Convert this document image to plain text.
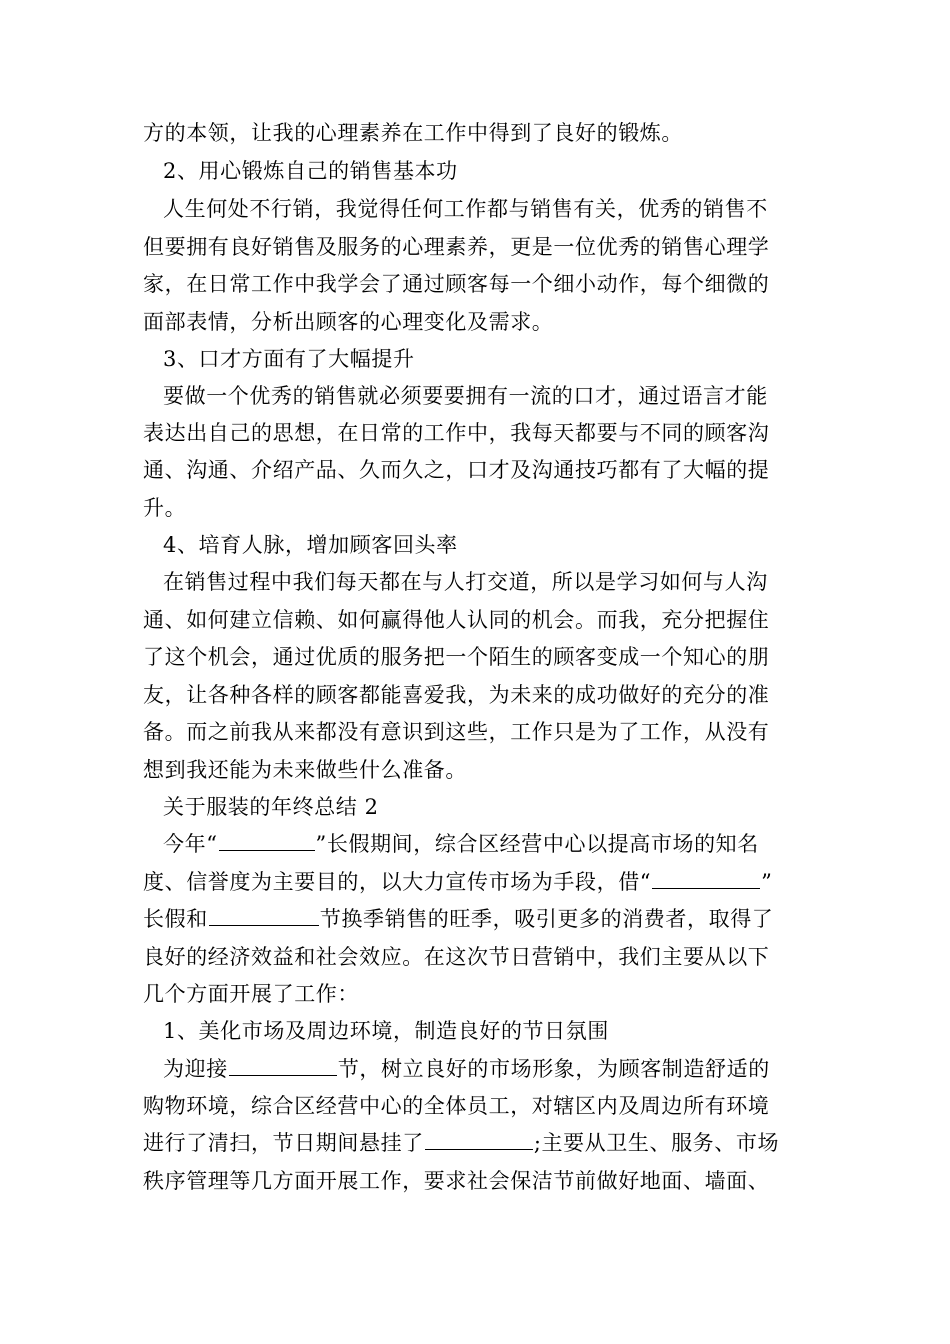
方的本领，让我的心理素养在工作中得到了良好的锻炼。
2、用心锻炼自己的销售基本功
人生何处不行销，我觉得任何工作都与销售有关，优秀的销售不
但要拥有良好销售及服务的心理素养，更是一位优秀的销售心理学
家，在日常工作中我学会了通过顾客每一个细小动作，每个细微的
面部表情，分析出顾客的心理变化及需求。
3、口才方面有了大幅提升
要做一个优秀的销售就必须要要拥有一流的口才，通过语言才能
表达出自己的思想，在日常的工作中，我每天都要与不同的顾客沟
通、沟通、介绍产品、久而久之，口才及沟通技巧都有了大幅的提
升。
4、培育人脉，增加顾客回头率
在销售过程中我们每天都在与人打交道，所以是学习如何与人沟
通、如何建立信赖、如何赢得他人认同的机会。而我，充分把握住
了这个机会，通过优质的服务把一个陌生的顾客变成一个知心的朋
友，让各种各样的顾客都能喜爱我，为未来的成功做好的充分的准
备。而之前我从来都没有意识到这些，工作只是为了工作，从没有
想到我还能为未来做些什么准备。
关于服装的年终总结 2
今年“	”长假期间，综合区经营中心以提高市场的知名
度、信誉度为主要目的，以大力宣传市场为手段，借“	”
长假和	节换季销售的旺季，吸引更多的消费者，取得了
良好的经济效益和社会效应。在这次节日营销中，我们主要从以下
几个方面开展了工作：
1、美化市场及周边环境，制造良好的节日氛围
为迎接	节，树立良好的市场形象，为顾客制造舒适的
购物环境，综合区经营中心的全体员工，对辖区内及周边所有环境
进行了清扫，节日期间悬挂了	;主要从卫生、服务、市场
秩序管理等几方面开展工作，要求社会保洁节前做好地面、墙面、
